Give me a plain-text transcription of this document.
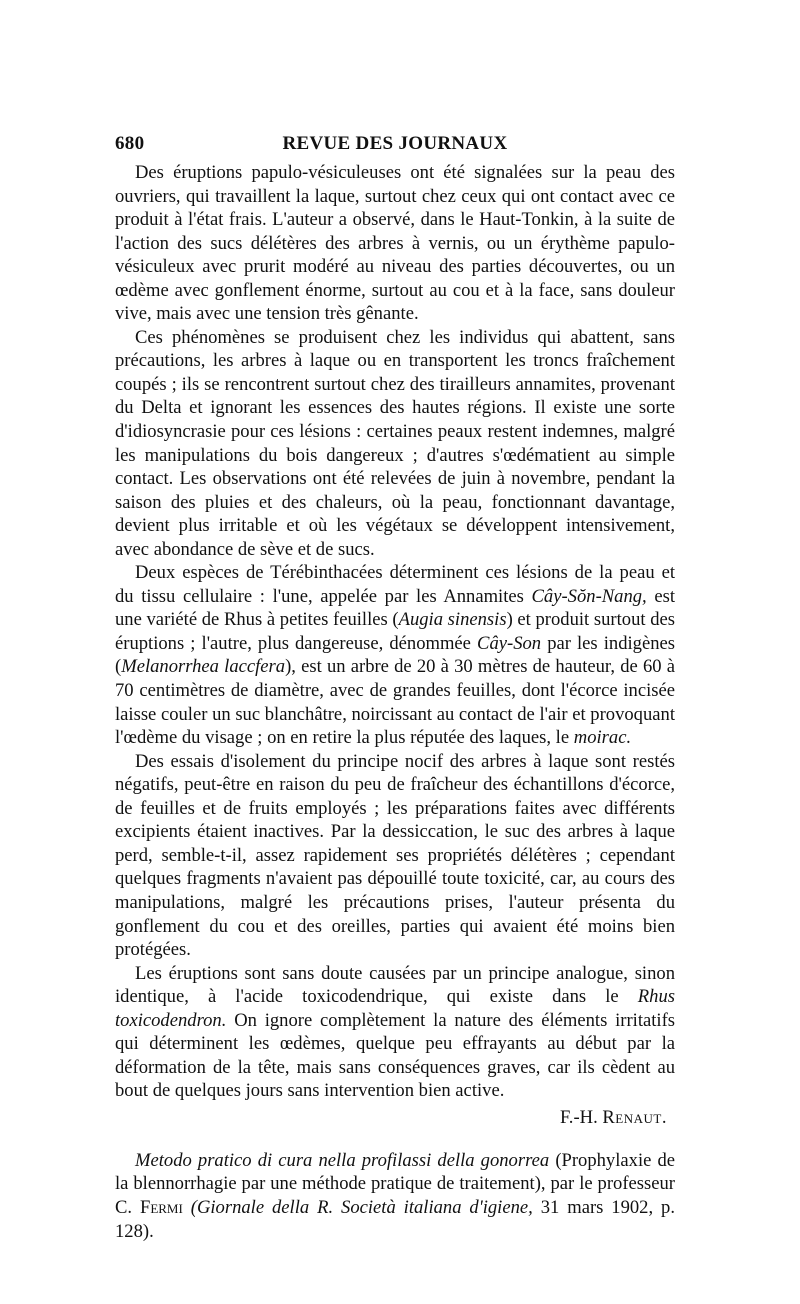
680	REVUE DES JOURNAUX

Des éruptions papulo-vésiculeuses ont été signalées sur la peau des ouvriers, qui travaillent la laque, surtout chez ceux qui ont contact avec ce produit à l'état frais. L'auteur a observé, dans le Haut-Tonkin, à la suite de l'action des sucs délétères des arbres à vernis, ou un érythème papulo-vésiculeux avec prurit modéré au niveau des parties découvertes, ou un œdème avec gonflement énorme, surtout au cou et à la face, sans douleur vive, mais avec une tension très gênante.

Ces phénomènes se produisent chez les individus qui abattent, sans précautions, les arbres à laque ou en transportent les troncs fraîchement coupés ; ils se rencontrent surtout chez des tirailleurs annamites, provenant du Delta et ignorant les essences des hautes régions. Il existe une sorte d'idiosyncrasie pour ces lésions : certaines peaux restent indemnes, malgré les manipulations du bois dangereux ; d'autres s'œdématient au simple contact. Les observations ont été relevées de juin à novembre, pendant la saison des pluies et des chaleurs, où la peau, fonctionnant davantage, devient plus irritable et où les végétaux se développent intensivement, avec abondance de sève et de sucs.

Deux espèces de Térébinthacées déterminent ces lésions de la peau et du tissu cellulaire : l'une, appelée par les Annamites Câу-Sŏn-Nang, est une variété de Rhus à petites feuilles (Augia sinensis) et produit surtout des éruptions ; l'autre, plus dangereuse, dénommée Câу-Son par les indigènes (Melanorrhea laccfera), est un arbre de 20 à 30 mètres de hauteur, de 60 à 70 centimètres de diamètre, avec de grandes feuilles, dont l'écorce incisée laisse couler un suc blanchâtre, noircissant au contact de l'air et provoquant l'œdème du visage ; on en retire la plus réputée des laques, le moirac.

Des essais d'isolement du principe nocif des arbres à laque sont restés négatifs, peut-être en raison du peu de fraîcheur des échantillons d'écorce, de feuilles et de fruits employés ; les préparations faites avec différents excipients étaient inactives. Par la dessiccation, le suc des arbres à laque perd, semble-t-il, assez rapidement ses propriétés délétères ; cependant quelques fragments n'avaient pas dépouillé toute toxicité, car, au cours des manipulations, malgré les précautions prises, l'auteur présenta du gonflement du cou et des oreilles, parties qui avaient été moins bien protégées.

Les éruptions sont sans doute causées par un principe analogue, sinon identique, à l'acide toxicodendrique, qui existe dans le Rhus toxicodendron. On ignore complètement la nature des éléments irritatifs qui déterminent les œdèmes, quelque peu effrayants au début par la déformation de la tête, mais sans conséquences graves, car ils cèdent au bout de quelques jours sans intervention bien active.

F.-H. Renaut.

Metodo pratico di cura nella profilassi della gonorrea (Prophylaxie de la blennorrhagie par une méthode pratique de traitement), par le professeur C. Fermi (Giornale della R. Società italiana d'igiene, 31 mars 1902, p. 128).
